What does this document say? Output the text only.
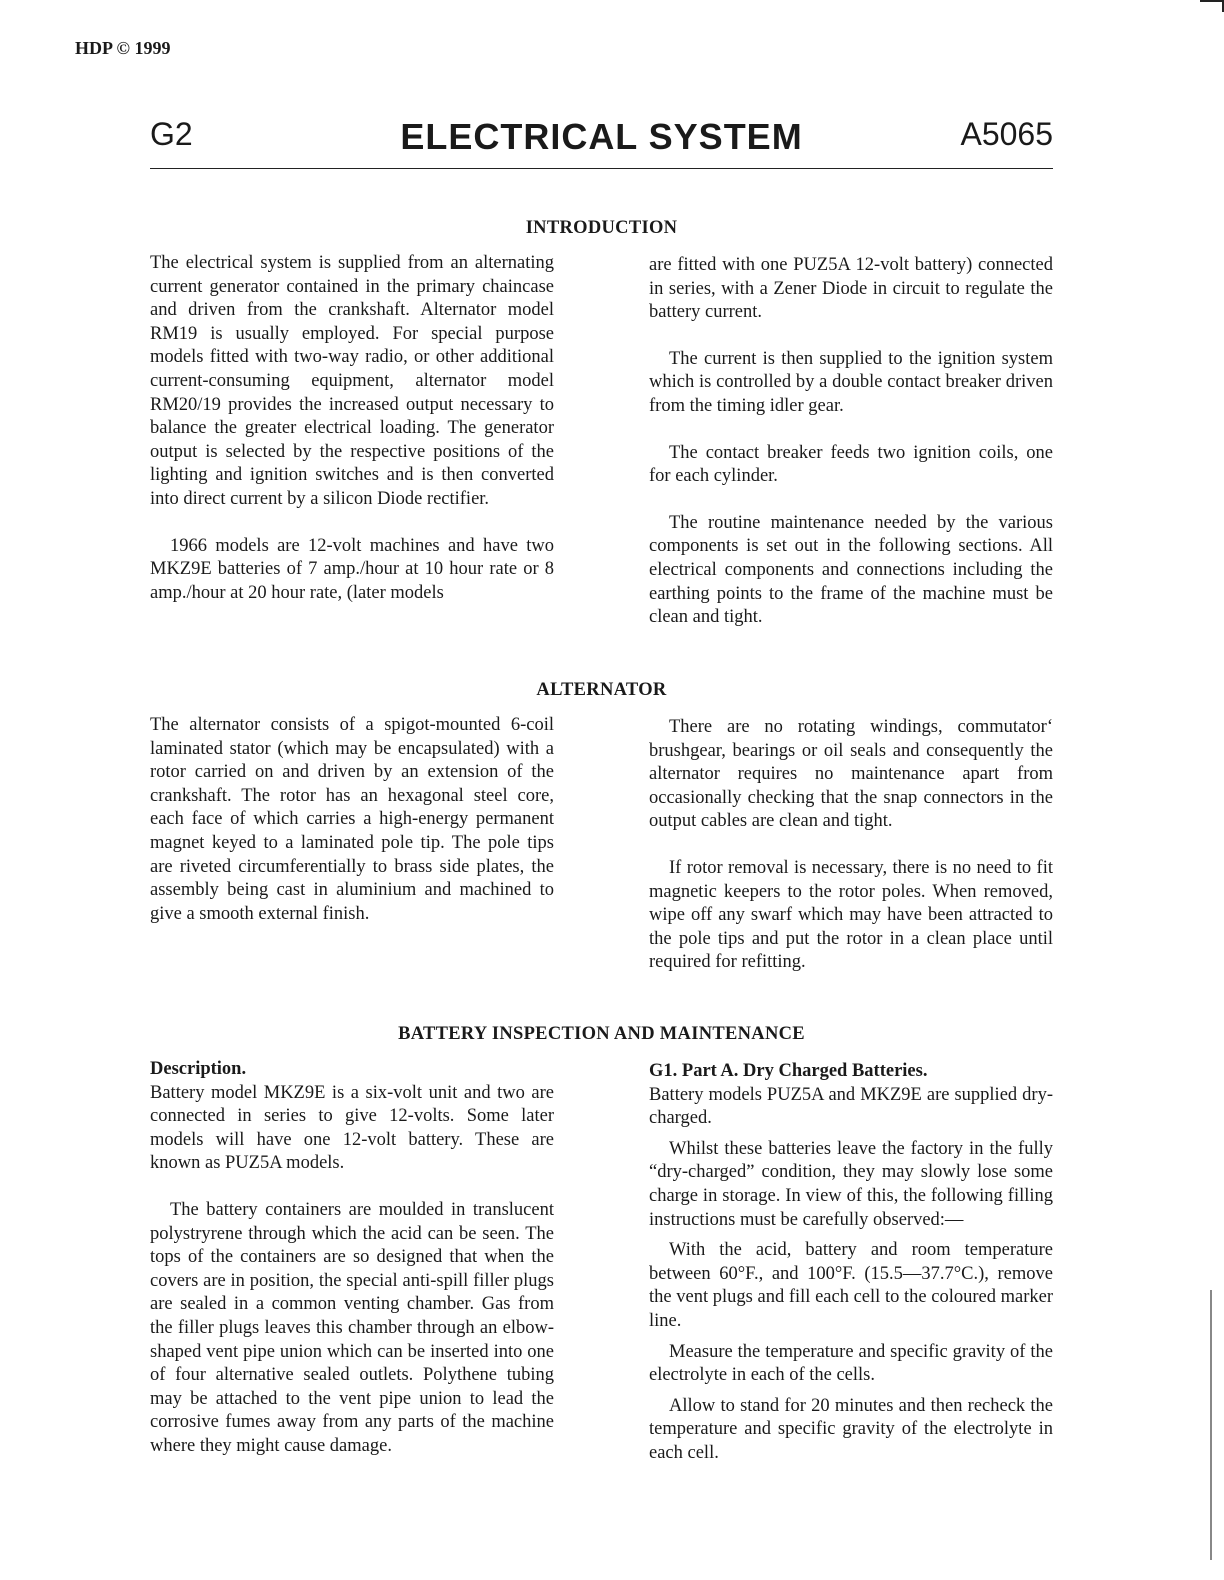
HDP © 1999
ELECTRICAL SYSTEM
G2	A5065
INTRODUCTION

The electrical system is supplied from an alternating current generator contained in the primary chaincase and driven from the crankshaft. Alternator model RM19 is usually employed. For special purpose models fitted with two-way radio, or other additional current-consuming equipment, alternator model RM20/19 provides the increased output necessary to balance the greater electrical loading. The generator output is selected by the respective positions of the lighting and ignition switches and is then converted into direct current by a silicon Diode rectifier.

1966 models are 12-volt machines and have two MKZ9E batteries of 7 amp./hour at 10 hour rate or 8 amp./hour at 20 hour rate, (later models

are fitted with one PUZ5A 12-volt battery) connected in series, with a Zener Diode in circuit to regulate the battery current.

The current is then supplied to the ignition system which is controlled by a double contact breaker driven from the timing idler gear.

The contact breaker feeds two ignition coils, one for each cylinder.

The routine maintenance needed by the various components is set out in the following sections. All electrical components and connections including the earthing points to the frame of the machine must be clean and tight.

ALTERNATOR

The alternator consists of a spigot-mounted 6-coil laminated stator (which may be encapsulated) with a rotor carried on and driven by an extension of the crankshaft. The rotor has an hexagonal steel core, each face of which carries a high-energy permanent magnet keyed to a laminated pole tip. The pole tips are riveted circumferentially to brass side plates, the assembly being cast in aluminium and machined to give a smooth external finish.

There are no rotating windings, commutator‘ brushgear, bearings or oil seals and consequently the alternator requires no maintenance apart from occasionally checking that the snap connectors in the output cables are clean and tight.

If rotor removal is necessary, there is no need to fit magnetic keepers to the rotor poles. When removed, wipe off any swarf which may have been attracted to the pole tips and put the rotor in a clean place until required for refitting.

BATTERY INSPECTION AND MAINTENANCE

Description.

Battery model MKZ9E is a six-volt unit and two are connected in series to give 12-volts. Some later models will have one 12-volt battery. These are known as PUZ5A models.

The battery containers are moulded in translucent polystryrene through which the acid can be seen. The tops of the containers are so designed that when the covers are in position, the special anti-spill filler plugs are sealed in a common venting chamber. Gas from the filler plugs leaves this chamber through an elbow-shaped vent pipe union which can be inserted into one of four alternative sealed outlets. Polythene tubing may be attached to the vent pipe union to lead the corrosive fumes away from any parts of the machine where they might cause damage.

G1. Part A. Dry Charged Batteries.

Battery models PUZ5A and MKZ9E are supplied dry-charged.

Whilst these batteries leave the factory in the fully “dry-charged” condition, they may slowly lose some charge in storage. In view of this, the following filling instructions must be carefully observed:—

With the acid, battery and room temperature between 60°F., and 100°F. (15.5—37.7°C.), remove the vent plugs and fill each cell to the coloured marker line.

Measure the temperature and specific gravity of the electrolyte in each of the cells.

Allow to stand for 20 minutes and then recheck the temperature and specific gravity of the electrolyte in each cell.
